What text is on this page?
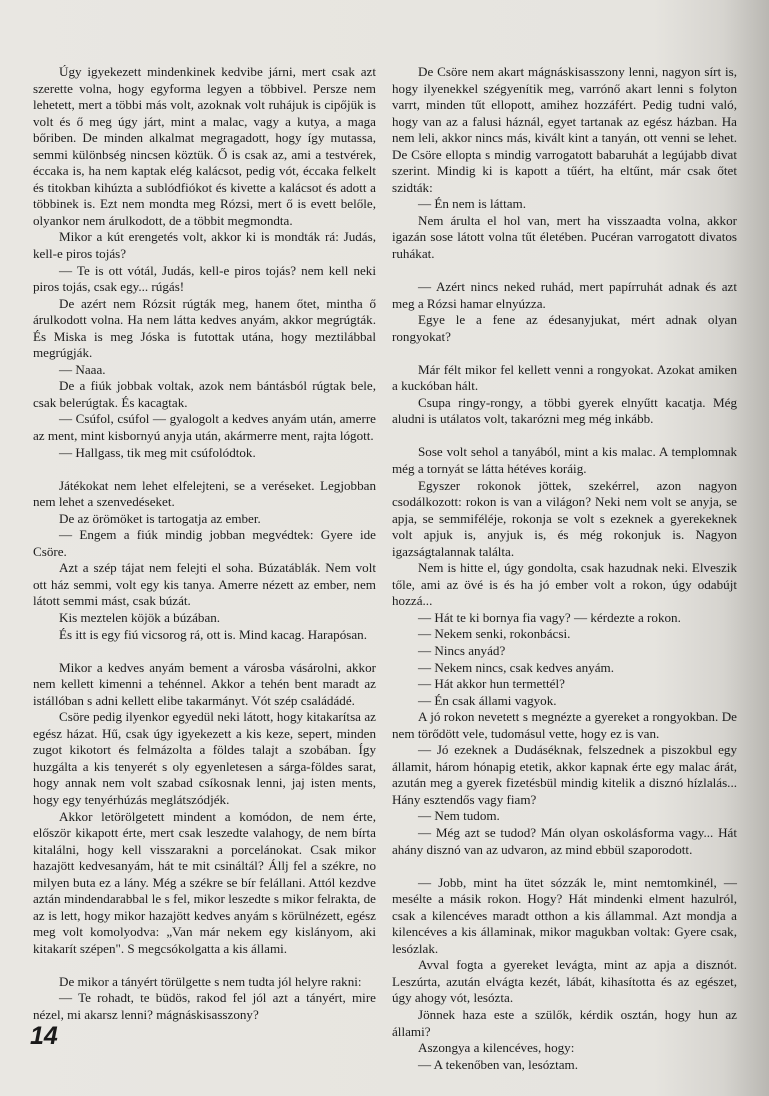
Úgy igyekezett mindenkinek kedvibe járni, mert csak azt szerette volna, hogy egyforma legyen a többivel. Persze nem lehetett, mert a többi más volt, azoknak volt ruhájuk is cipőjük is volt és ő meg úgy járt, mint a malac, vagy a kutya, a maga bőriben. De minden alkalmat megragadott, hogy így mutassa, semmi különbség nincsen köztük. Ő is csak az, ami a testvérek, éccaka is, ha nem kaptak elég kalácsot, pedig vót, éccaka felkelt és titokban kihúzta a sublódfiókot és kivette a kalácsot és adott a többinek is. Ezt nem mondta meg Rózsi, mert ő is evett belőle, olyankor nem árulkodott, de a többit megmondta.

Mikor a kút erengetés volt, akkor ki is mondták rá: Judás, kell-e piros tojás?

— Te is ott vótál, Judás, kell-e piros tojás? nem kell neki piros tojás, csak egy... rúgás!

De azért nem Rózsit rúgták meg, hanem őtet, mintha ő árulkodott volna. Ha nem látta kedves anyám, akkor megrúgták. És Miska is meg Jóska is futottak utána, hogy meztilábbal megrúgják.

— Naaa.

De a fiúk jobbak voltak, azok nem bántásból rúgtak bele, csak belerúgtak. És kacagtak.

— Csúfol, csúfol — gyalogolt a kedves anyám után, amerre az ment, mint kisbornyú anyja után, akármerre ment, rajta lógott.

— Hallgass, tik meg mit csúfolódtok.

Játékokat nem lehet elfelejteni, se a veréseket. Legjobban nem lehet a szenvedéseket.

De az örömöket is tartogatja az ember.

— Engem a fiúk mindig jobban megvédtek: Gyere ide Csöre.

Azt a szép tájat nem felejti el soha. Búzatáblák. Nem volt ott ház semmi, volt egy kis tanya. Amerre nézett az ember, nem látott semmi mást, csak búzát.

Kis meztelen köjök a búzában.

És itt is egy fiú vicsorog rá, ott is. Mind kacag. Harapósan.

Mikor a kedves anyám bement a városba vásárolni, akkor nem kellett kimenni a tehénnel. Akkor a tehén bent maradt az istállóban s adni kellett elibe takarmányt. Vót szép családádé.

Csöre pedig ilyenkor egyedül neki látott, hogy kitakarítsa az egész házat. Hű, csak úgy igyekezett a kis keze, sepert, minden zugot kikotort és felmázolta a földes talajt a szobában. Így huzgálta a kis tenyerét s oly egyenletesen a sárga-földes sarat, hogy annak nem volt szabad csíkosnak lenni, jaj isten ments, hogy egy tenyérhúzás meglátszódjék.

Akkor letörölgetett mindent a komódon, de nem érte, először kikapott érte, mert csak leszedte valahogy, de nem bírta kitalálni, hogy kell visszarakni a porcelánokat. Csak mikor hazajött kedvesanyám, hát te mit csináltál? Állj fel a székre, no milyen buta ez a lány. Még a székre se bír felállani. Attól kezdve aztán mindendarabbal le s fel, mikor leszedte s mikor felrakta, de az is lett, hogy mikor hazajött kedves anyám s körülnézett, egész meg volt komolyodva: „Van már nekem egy kislányom, aki kitakarít szépen". S megcsókolgatta a kis állami.

De mikor a tányért törülgette s nem tudta jól helyre rakni:

— Te rohadt, te büdös, rakod fel jól azt a tányért, mire nézel, mi akarsz lenni? mágnáskisasszony?

De Csöre nem akart mágnáskisasszony lenni, nagyon sírt is, hogy ilyenekkel szégyenítik meg, varrónő akart lenni s folyton varrt, minden tűt ellopott, amihez hozzáfért. Pedig tudni való, hogy van az a falusi háznál, egyet tartanak az egész házban. Ha nem leli, akkor nincs más, kivált kint a tanyán, ott venni se lehet. De Csöre ellopta s mindig varrogatott babaruhát a legújabb divat szerint. Mindig ki is kapott a tűért, ha eltűnt, már csak őtet szidták:

— Én nem is láttam.

Nem árulta el hol van, mert ha visszaadta volna, akkor igazán sose látott volna tűt életében. Pucéran varrogatott divatos ruhákat.

— Azért nincs neked ruhád, mert papírruhát adnak és azt meg a Rózsi hamar elnyúzza.

Egye le a fene az édesanyjukat, mért adnak olyan rongyokat?

Már félt mikor fel kellett venni a rongyokat. Azokat amiken a kuckóban hált.

Csupa ringy-rongy, a többi gyerek elnyűtt kacatja. Még aludni is utálatos volt, takarózni meg még inkább.

Sose volt sehol a tanyából, mint a kis malac. A templomnak még a tornyát se látta hétéves koráig.

Egyszer rokonok jöttek, szekérrel, azon nagyon csodálkozott: rokon is van a világon? Neki nem volt se anyja, se apja, se semmiféléje, rokonja se volt s ezeknek a gyerekeknek volt apjuk is, anyjuk is, és még rokonjuk is. Nagyon igazságtalannak találta.

Nem is hitte el, úgy gondolta, csak hazudnak neki. Elveszik tőle, ami az övé is és ha jó ember volt a rokon, úgy odabújt hozzá...

— Hát te ki bornya fia vagy? — kérdezte a rokon.

— Nekem senki, rokonbácsi.

— Nincs anyád?

— Nekem nincs, csak kedves anyám.

— Hát akkor hun termettél?

— Én csak állami vagyok.

A jó rokon nevetett s megnézte a gyereket a rongyokban. De nem törődött vele, tudomásul vette, hogy ez is van.

— Jó ezeknek a Dudáséknak, felszednek a piszokbul egy államit, három hónapig etetik, akkor kapnak érte egy malac árát, azután meg a gyerek fizetésbül mindig kitelik a disznó hízlalás... Hány esztendős vagy fiam?

— Nem tudom.

— Még azt se tudod? Mán olyan oskolásforma vagy... Hát ahány disznó van az udvaron, az mind ebbül szaporodott.

— Jobb, mint ha ütet sózzák le, mint nemtomkinél, — mesélte a másik rokon. Hogy? Hát mindenki elment hazulról, csak a kilencéves maradt otthon a kis állammal. Azt mondja a kilencéves a kis államinak, mikor magukban voltak: Gyere csak, lesózlak.

Avval fogta a gyereket levágta, mint az apja a disznót. Leszúrta, azután elvágta kezét, lábát, kihasította és az egészet, úgy ahogy vót, lesózta.

Jönnek haza este a szülők, kérdik osztán, hogy hun az állami?

Aszongya a kilencéves, hogy:

— A tekenőben van, lesóztam.

14
